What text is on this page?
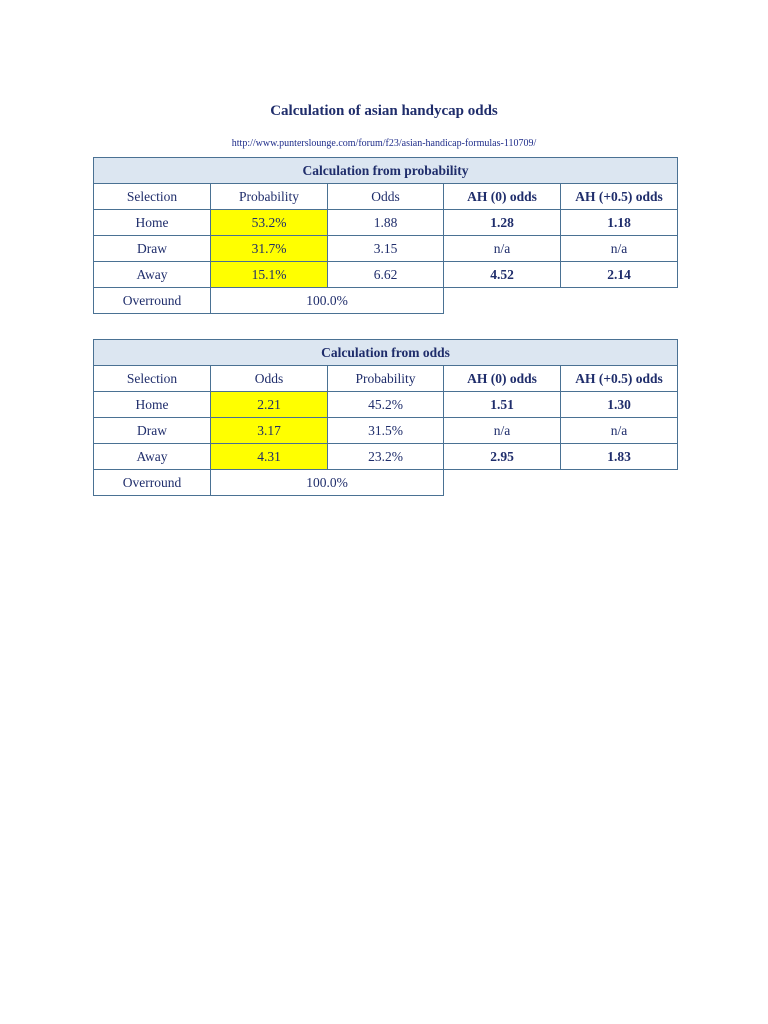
Calculation of asian handycap odds
http://www.punterslounge.com/forum/f23/asian-handicap-formulas-110709/
Calculation from probability				
Selection	Probability	Odds	AH (0) odds	AH (+0.5) odds
Home	53.2%	1.88	1.28	1.18
Draw	31.7%	3.15	n/a	n/a
Away	15.1%	6.62	4.52	2.14
Overround	100.0%			
Calculation from odds				
Selection	Odds	Probability	AH (0) odds	AH (+0.5) odds
Home	2.21	45.2%	1.51	1.30
Draw	3.17	31.5%	n/a	n/a
Away	4.31	23.2%	2.95	1.83
Overround	100.0%			
